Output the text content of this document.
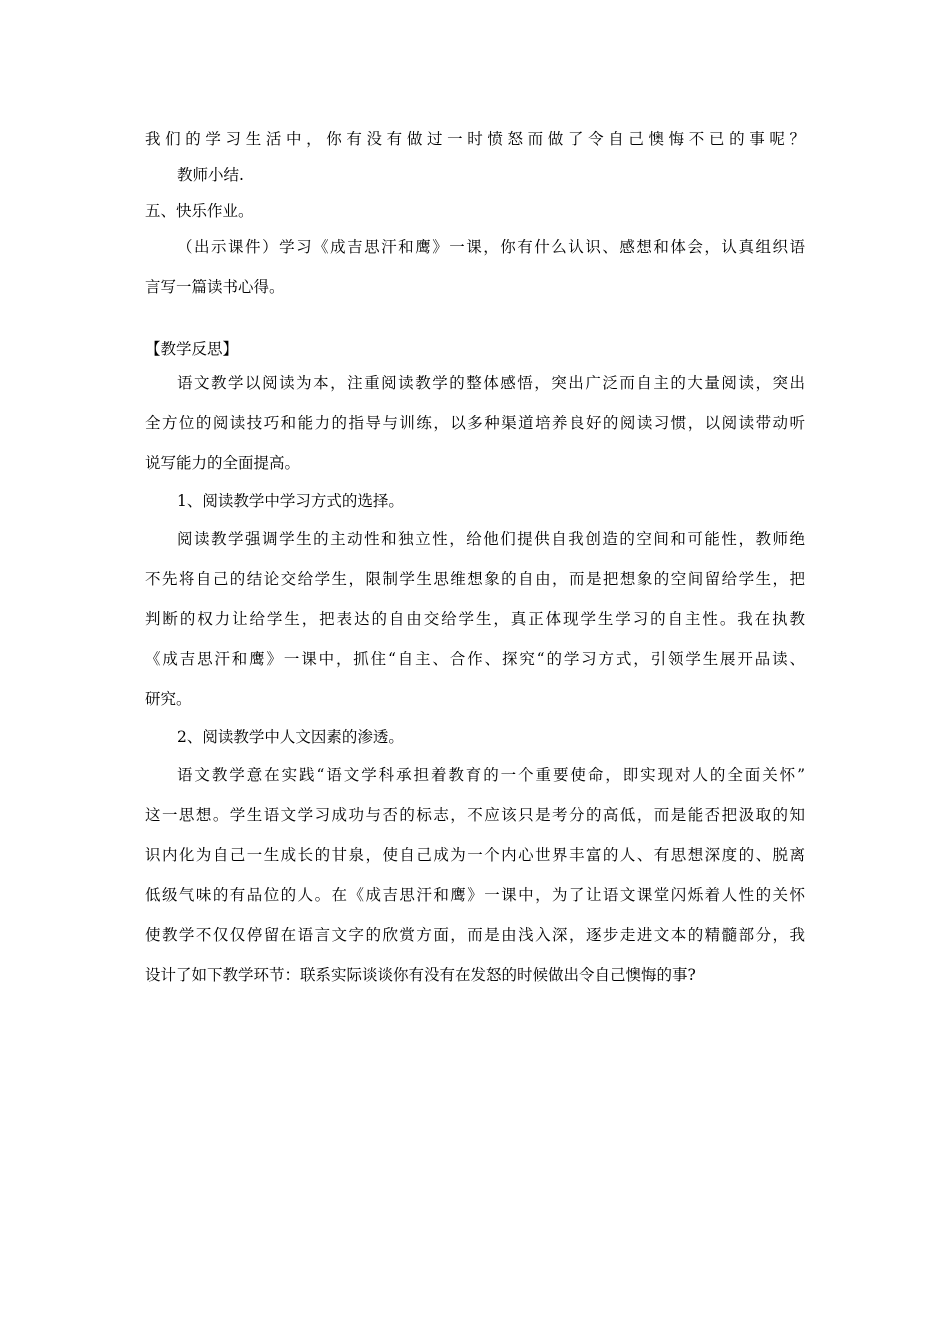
我们的学习生活中，你有没有做过一时愤怒而做了令自己懊悔不已的事呢？
教师小结.
五、快乐作业。
（出示课件）学习《成吉思汗和鹰》一课，你有什么认识、感想和体会，认真组织语
言写一篇读书心得。
【教学反思】
语文教学以阅读为本，注重阅读教学的整体感悟，突出广泛而自主的大量阅读，突出
全方位的阅读技巧和能力的指导与训练，以多种渠道培养良好的阅读习惯，以阅读带动听
说写能力的全面提高。
1、阅读教学中学习方式的选择。
阅读教学强调学生的主动性和独立性，给他们提供自我创造的空间和可能性，教师绝
不先将自己的结论交给学生，限制学生思维想象的自由，而是把想象的空间留给学生，把
判断的权力让给学生，把表达的自由交给学生，真正体现学生学习的自主性。我在执教
《成吉思汗和鹰》一课中，抓住“自主、合作、探究“的学习方式，引领学生展开品读、
研究。
2、阅读教学中人文因素的渗透。
语文教学意在实践“语文学科承担着教育的一个重要使命，即实现对人的全面关怀”
这一思想。学生语文学习成功与否的标志，不应该只是考分的高低，而是能否把汲取的知
识内化为自己一生成长的甘泉，使自己成为一个内心世界丰富的人、有思想深度的、脱离
低级气味的有品位的人。在《成吉思汗和鹰》一课中，为了让语文课堂闪烁着人性的关怀
使教学不仅仅停留在语言文字的欣赏方面，而是由浅入深，逐步走进文本的精髓部分，我
设计了如下教学环节：联系实际谈谈你有没有在发怒的时候做出令自己懊悔的事?
